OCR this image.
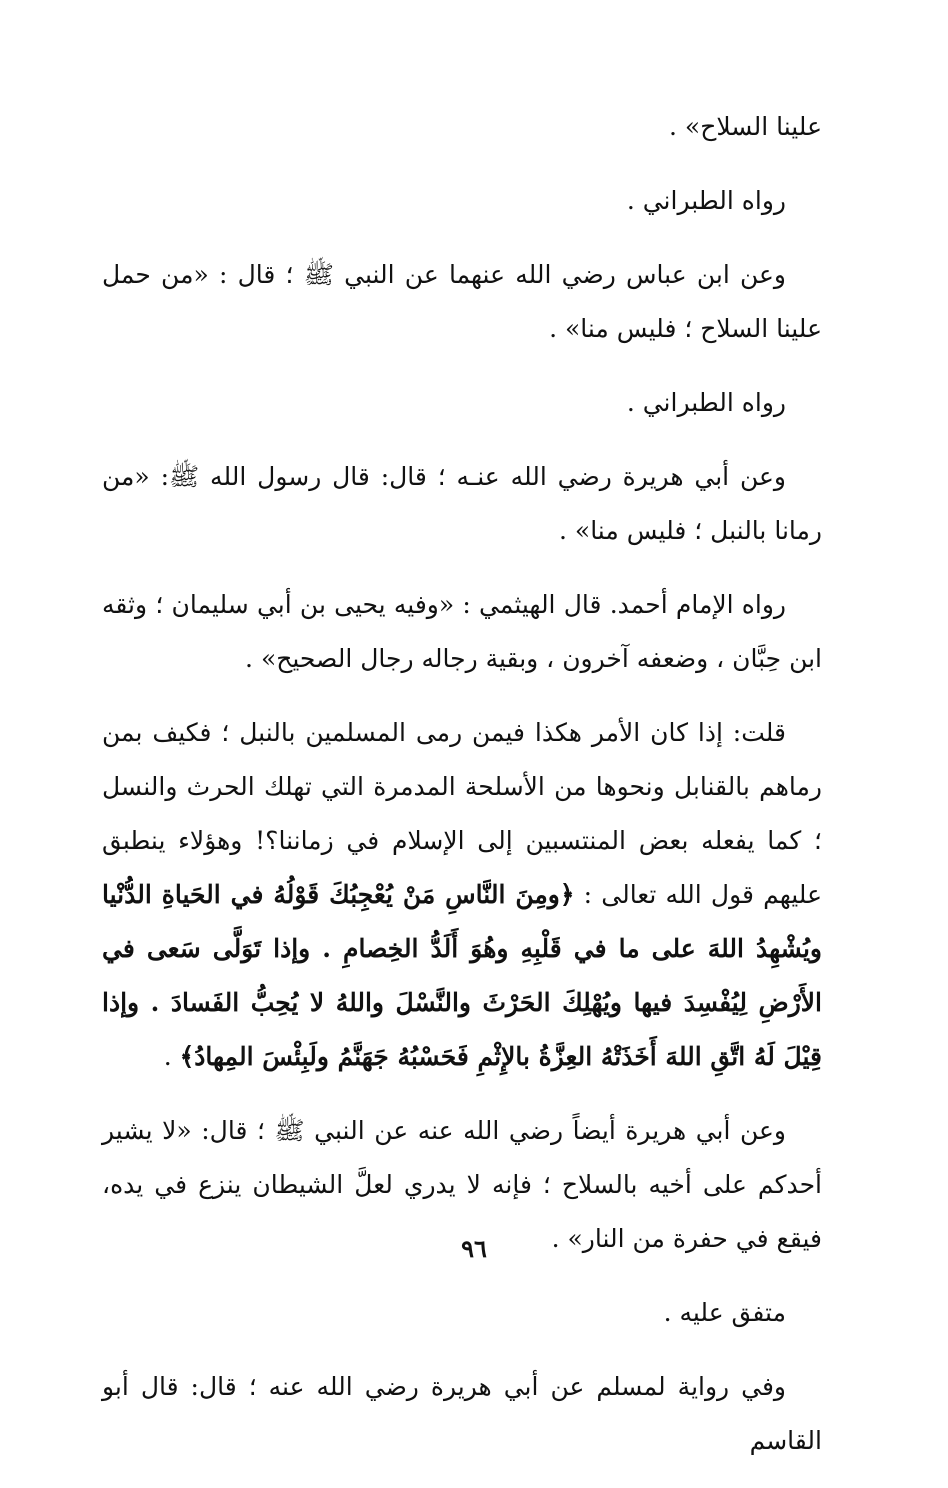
علينا السلاح» .

رواه الطبراني .

وعن ابن عباس رضي الله عنهما عن النبي ﷺ ؛ قال : «من حمل علينا السلاح ؛ فليس منا» .

رواه الطبراني .

وعن أبي هريرة رضي الله عنـه ؛ قال: قال رسول الله ﷺ: «من رمانا بالنبل ؛ فليس منا» .

رواه الإمام أحمد. قال الهيثمي : «وفيه يحيى بن أبي سليمان ؛ وثقه ابن حِبَّان ، وضعفه آخرون ، وبقية رجاله رجال الصحيح» .

قلت: إذا كان الأمر هكذا فيمن رمى المسلمين بالنبل ؛ فكيف بمن رماهم بالقنابل ونحوها من الأسلحة المدمرة التي تهلك الحرث والنسل ؛ كما يفعله بعض المنتسبين إلى الإسلام في زماننا؟! وهؤلاء ينطبق عليهم قول الله تعالى : ﴿ومِنَ النَّاسِ مَنْ يُعْجِبُكَ قَوْلُهُ في الحَياةِ الدُّنْيا ويُشْهِدُ اللهَ على ما في قَلْبِهِ وهُوَ أَلَدُّ الخِصامِ . وإذا تَوَلَّى سَعى في الأَرْضِ لِيُفْسِدَ فيها ويُهْلِكَ الحَرْثَ والنَّسْلَ واللهُ لا يُحِبُّ الفَسادَ . وإذا قِيْلَ لَهُ اتَّقِ اللهَ أَخَذَتْهُ العِزَّةُ بالإِثْمِ فَحَسْبُهُ جَهَنَّمُ ولَبِئْسَ المِهادُ﴾ .

وعن أبي هريرة أيضاً رضي الله عنه عن النبي ﷺ ؛ قال: «لا يشير أحدكم على أخيه بالسلاح ؛ فإنه لا يدري لعلَّ الشيطان ينزع في يده، فيقع في حفرة من النار» .

متفق عليه .

وفي رواية لمسلم عن أبي هريرة رضي الله عنه ؛ قال: قال أبو القاسم

٩٦
